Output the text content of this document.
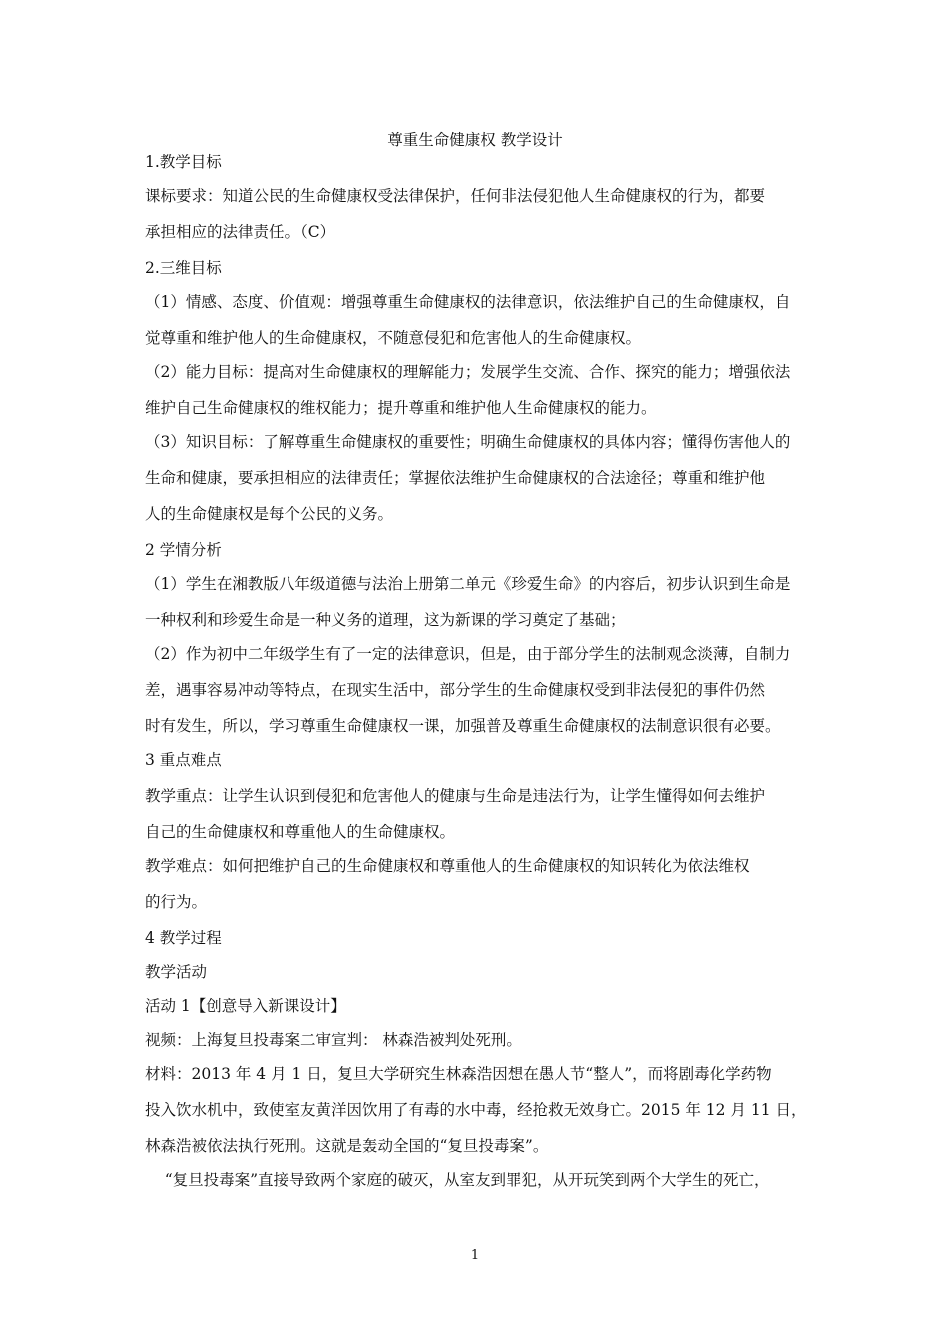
尊重生命健康权 教学设计
1.教学目标
课标要求：知道公民的生命健康权受法律保护，任何非法侵犯他人生命健康权的行为，都要
承担相应的法律责任。（C）
2.三维目标
（1）情感、态度、价值观：增强尊重生命健康权的法律意识，依法维护自己的生命健康权，自
觉尊重和维护他人的生命健康权，不随意侵犯和危害他人的生命健康权。
（2）能力目标：提高对生命健康权的理解能力；发展学生交流、合作、探究的能力；增强依法
维护自己生命健康权的维权能力；提升尊重和维护他人生命健康权的能力。
（3）知识目标：了解尊重生命健康权的重要性；明确生命健康权的具体内容；懂得伤害他人的
生命和健康，要承担相应的法律责任；掌握依法维护生命健康权的合法途径；尊重和维护他
人的生命健康权是每个公民的义务。
2 学情分析
（1）学生在湘教版八年级道德与法治上册第二单元《珍爱生命》的内容后，初步认识到生命是
一种权利和珍爱生命是一种义务的道理，这为新课的学习奠定了基础；
（2）作为初中二年级学生有了一定的法律意识，但是，由于部分学生的法制观念淡薄，自制力
差，遇事容易冲动等特点，在现实生活中，部分学生的生命健康权受到非法侵犯的事件仍然
时有发生，所以，学习尊重生命健康权一课，加强普及尊重生命健康权的法制意识很有必要。
3 重点难点
教学重点：让学生认识到侵犯和危害他人的健康与生命是违法行为，让学生懂得如何去维护
自己的生命健康权和尊重他人的生命健康权。
教学难点：如何把维护自己的生命健康权和尊重他人的生命健康权的知识转化为依法维权
的行为。
4 教学过程
教学活动
活动 1【创意导入新课设计】
视频：上海复旦投毒案二审宣判： 林森浩被判处死刑。
材料：2013 年 4 月 1 日，复旦大学研究生林森浩因想在愚人节“整人”，而将剧毒化学药物
投入饮水机中，致使室友黄洋因饮用了有毒的水中毒，经抢救无效身亡。2015 年 12 月 11 日，
林森浩被依法执行死刑。这就是轰动全国的“复旦投毒案”。
“复旦投毒案”直接导致两个家庭的破灭，从室友到罪犯，从开玩笑到两个大学生的死亡，
1
